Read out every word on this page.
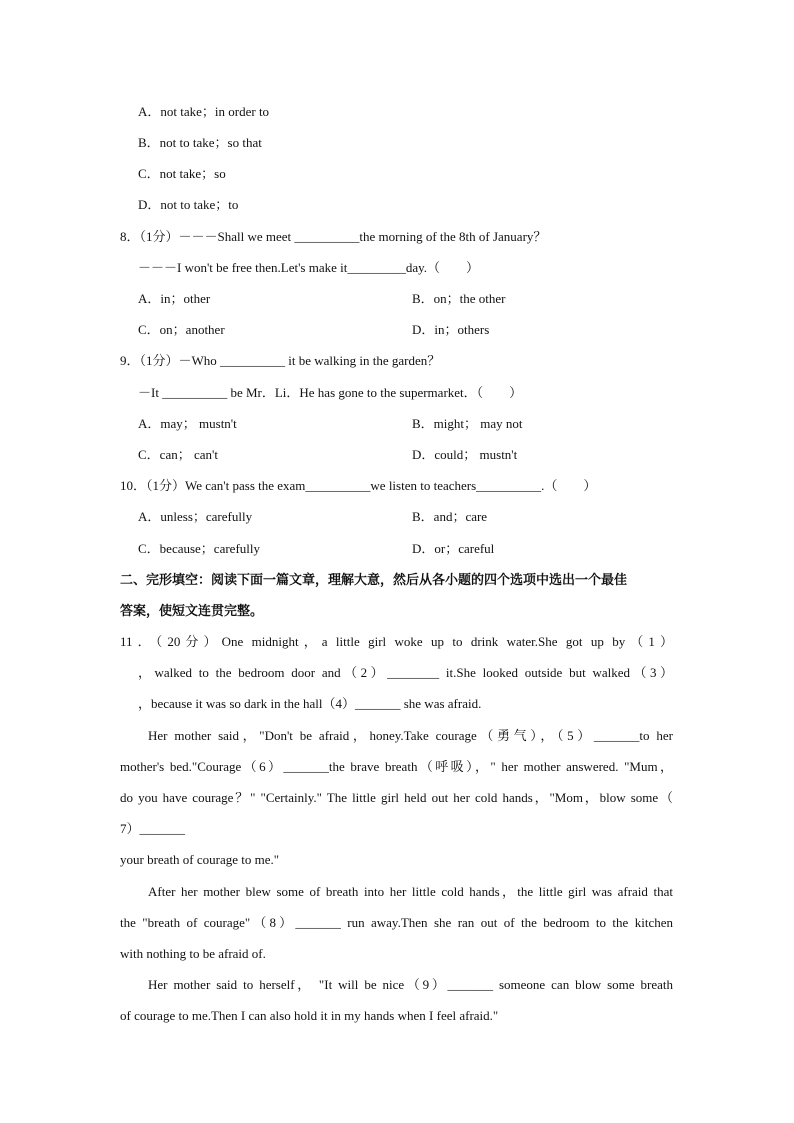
A．not take；in order to
B．not to take；so that
C．not take；so
D．not to take；to
8．（1分）－－－Shall we meet __________the morning of the 8th of January？
－－－I won't be free then.Let's make it_________day.（　　）
A．in；other	B．on；the other
C．on；another	D．in；others
9．（1分）－Who __________ it be walking in the garden？
－It __________ be Mr．Li．He has gone to the supermarket．（　　）
A．may； mustn't	B．might； may not
C．can； can't	D．could； mustn't
10．（1分）We can't pass the exam__________we listen to teachers__________.（　　）
A．unless；carefully	B．and；care
C．because；carefully	D．or；careful
二、完形填空：阅读下面一篇文章，理解大意，然后从各小题的四个选项中选出一个最佳
答案，使短文连贯完整。
11．（20分）One midnight，a little girl woke up to drink water.She got up by（1）
，walked to the bedroom door and（2）________ it.She looked outside but walked（3）
，because it was so dark in the hall（4）_______ she was afraid.
Her mother said，"Don't be afraid，honey.Take courage（勇气），（5）_______to her
mother's bed."Courage（6）_______the brave breath（呼吸），" her mother answered. "Mum，
do you have courage？" "Certainly." The little girl held out her cold hands，"Mom，blow some（
7）_______
your breath of courage to me."
After her mother blew some of breath into her little cold hands，the little girl was afraid that
the "breath of courage"（8）_______ run away.Then she ran out of the bedroom to the kitchen
with nothing to be afraid of.
Her mother said to herself， "It will be nice（9）_______ someone can blow some breath
of courage to me.Then I can also hold it in my hands when I feel afraid."
